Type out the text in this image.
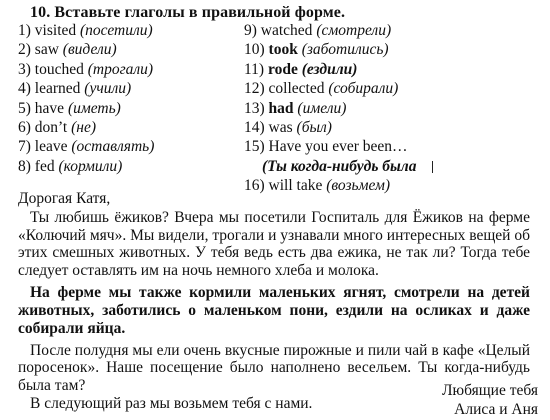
10. Вставьте глаголы в правильной форме.
1) visited (посетили)
2) saw (видели)
3) touched (трогали)
4) learned (учили)
5) have (иметь)
6) don’t (не)
7) leave (оставлять)
8) fed (кормили)
9) watched (смотрели)
10) took (заботились)
11) rode (ездили)
12) collected (собирали)
13) had (имели)
14) was (был)
15) Have you ever been…
(Ты когда-нибудь была
16) will take (возьмем)

Дорогая Катя,

Ты любишь ёжиков? Вчера мы посетили Госпиталь для Ёжиков на ферме «Колючий мяч». Мы видели, трогали и узнавали много интересных вещей об этих смешных животных. У тебя ведь есть два ежика, не так ли? Тогда тебе следует оставлять им на ночь немного хлеба и молока.

На ферме мы также кормили маленьких ягнят, смотрели на детей животных, заботились о маленьком пони, ездили на осликах и даже собирали яйца.

После полудня мы ели очень вкусные пирожные и пили чай в кафе «Целый поросенок». Наше посещение было наполнено весельем. Ты когда-нибудь была там?

В следующий раз мы возьмем тебя с нами.

Любящие тебя
Алиса и Аня
